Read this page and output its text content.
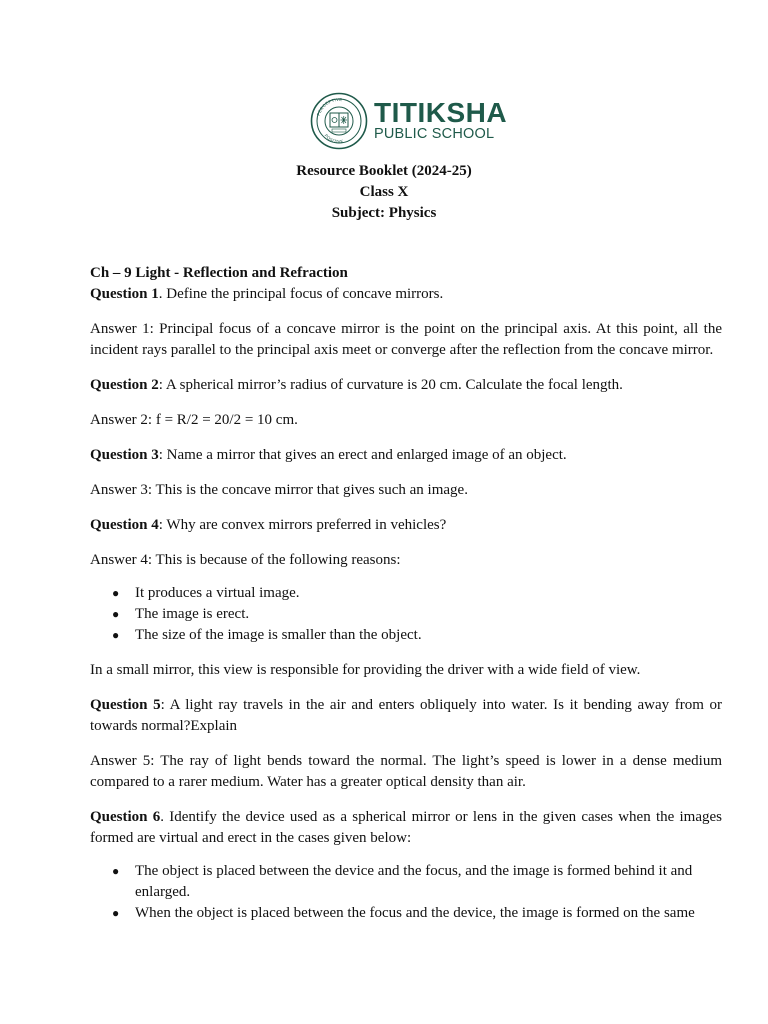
PERCEPTIVE
POSITIVE
TITIKSHA
PUBLIC SCHOOL
Resource Booklet (2024-25)
Class X
Subject: Physics

Ch – 9 Light - Reflection and Refraction

Question 1. Define the principal focus of concave mirrors.

Answer 1: Principal focus of a concave mirror is the point on the principal axis. At this point, all the incident rays parallel to the principal axis meet or converge after the reflection from the concave mirror.

Question 2: A spherical mirror’s radius of curvature is 20 cm. Calculate the focal length.

Answer 2: f = R/2 = 20/2 = 10 cm.

Question 3: Name a mirror that gives an erect and enlarged image of an object.

Answer 3: This is the concave mirror that gives such an image.

Question 4: Why are convex mirrors preferred in vehicles?

Answer 4: This is because of the following reasons:

● It produces a virtual image.
● The image is erect.
● The size of the image is smaller than the object.

In a small mirror, this view is responsible for providing the driver with a wide field of view.

Question 5: A light ray travels in the air and enters obliquely into water. Is it bending away from or towards normal?Explain

Answer 5: The ray of light bends toward the normal. The light’s speed is lower in a dense medium compared to a rarer medium. Water has a greater optical density than air.

Question 6. Identify the device used as a spherical mirror or lens in the given cases when the images formed are virtual and erect in the cases given below:

● The object is placed between the device and the focus, and the image is formed behind it and enlarged.
● When the object is placed between the focus and the device, the image is formed on the same
